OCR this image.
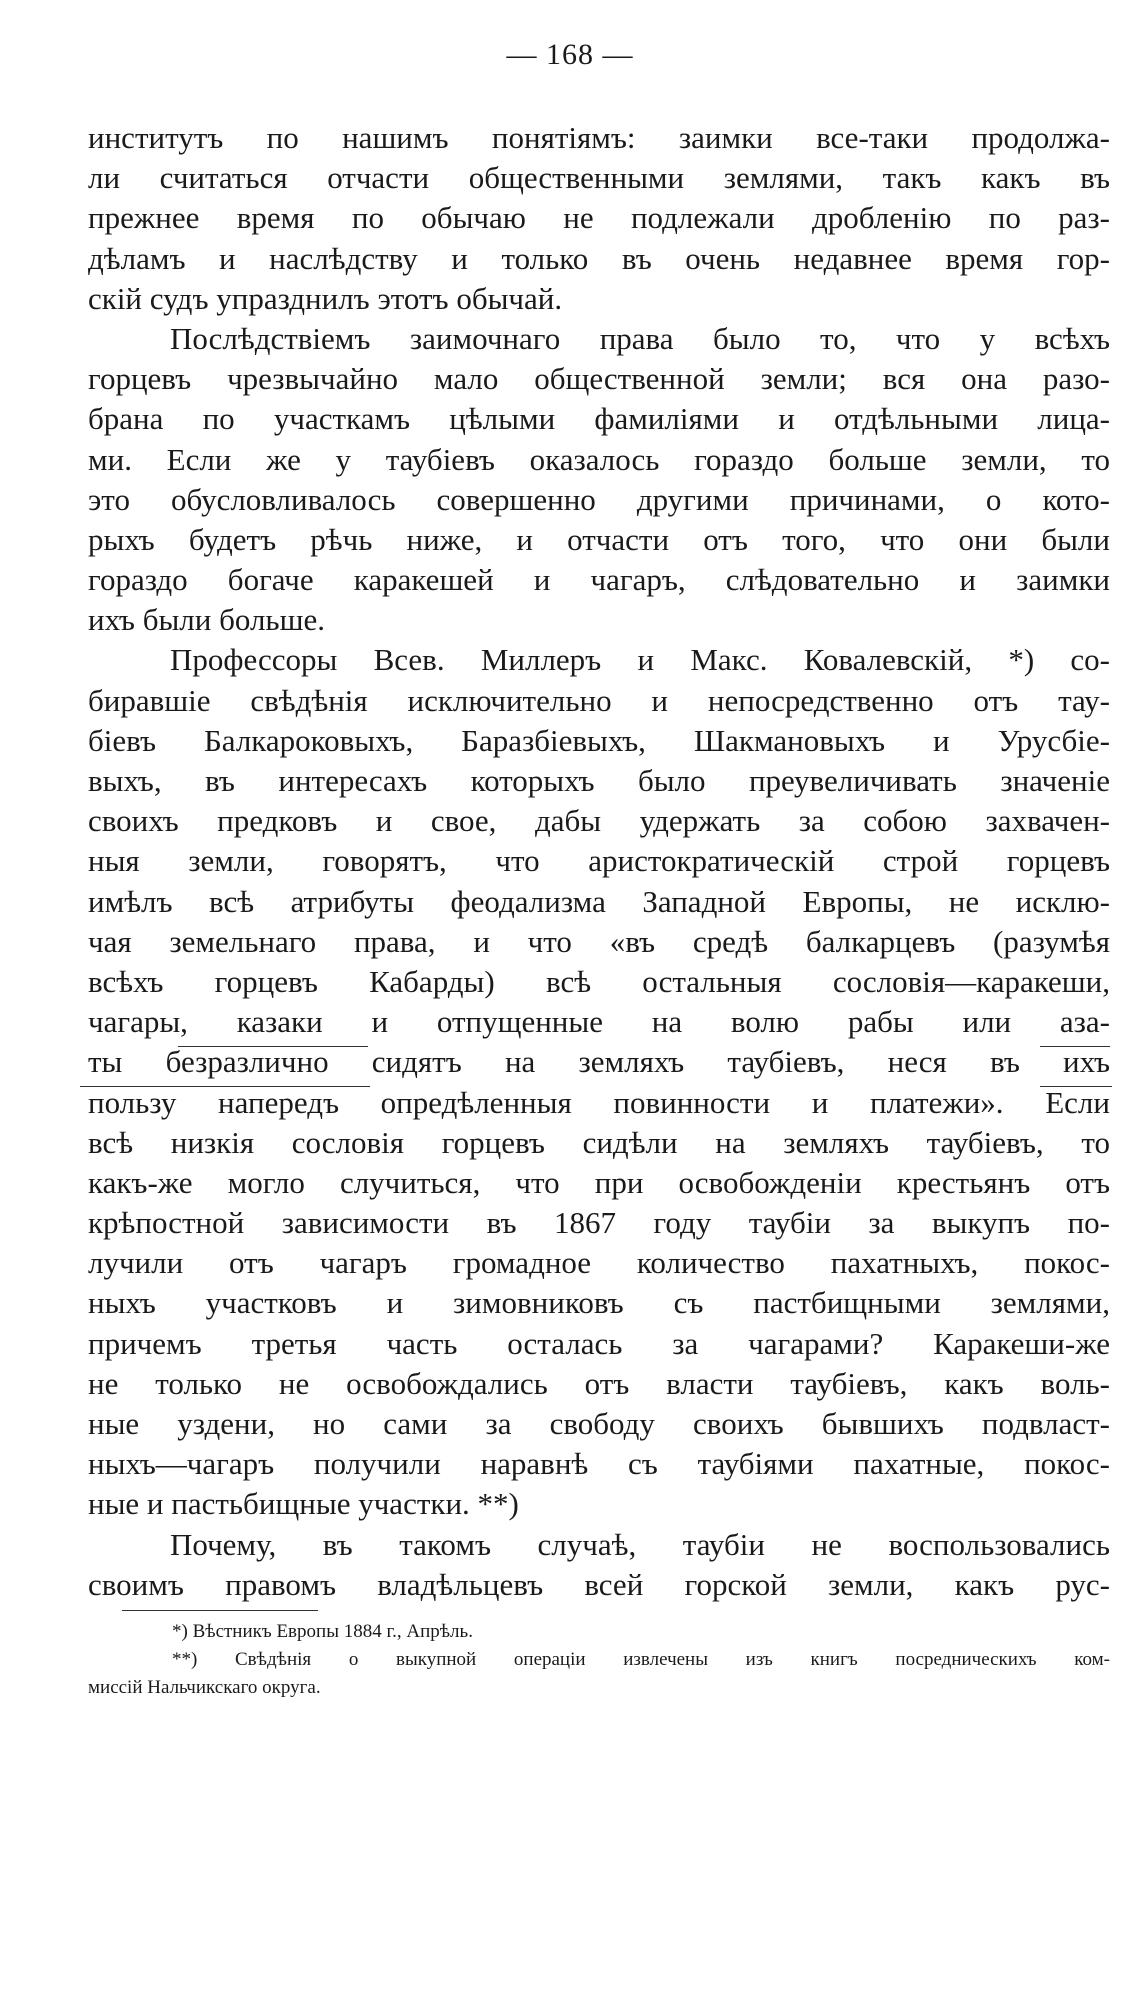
— 168 —
институтъ по нашимъ понятіямъ: заимки все-таки продолжа-
ли считаться отчасти общественными землями, такъ какъ въ
прежнее время по обычаю не подлежали дробленію по раз-
дѣламъ и наслѣдству и только въ очень недавнее время гор-
скій судъ упразднилъ этотъ обычай.
Послѣдствіемъ заимочнаго права было то, что у всѣхъ
горцевъ чрезвычайно мало общественной земли; вся она разо-
брана по участкамъ цѣлыми фамиліями и отдѣльными лица-
ми. Если же у таубіевъ оказалось гораздо больше земли, то
это обусловливалось совершенно другими причинами, о кото-
рыхъ будетъ рѣчь ниже, и отчасти отъ того, что они были
гораздо богаче каракешей и чагаръ, слѣдовательно и заимки
ихъ были больше.
Профессоры Всев. Миллеръ и Макс. Ковалевскій, *) со-
биравшіе свѣдѣнія исключительно и непосредственно отъ тау-
біевъ Балкароковыхъ, Баразбіевыхъ, Шакмановыхъ и Урусбіе-
выхъ, въ интересахъ которыхъ было преувеличивать значеніе
своихъ предковъ и свое, дабы удержать за собою захвачен-
ныя земли, говорятъ, что аристократическій строй горцевъ
имѣлъ всѣ атрибуты феодализма Западной Европы, не исклю-
чая земельнаго права, и что «въ средѣ балкарцевъ (разумѣя
всѣхъ горцевъ Кабарды) всѣ остальныя сословія—каракеши,
чагары, казаки и отпущенные на волю рабы или аза-
ты безразлично сидятъ на земляхъ таубіевъ, неся въ ихъ
пользу напередъ опредѣленныя повинности и платежи». Если
всѣ низкія сословія горцевъ сидѣли на земляхъ таубіевъ, то
какъ-же могло случиться, что при освобожденіи крестьянъ отъ
крѣпостной зависимости въ 1867 году таубіи за выкупъ по-
лучили отъ чагаръ громадное количество пахатныхъ, покос-
ныхъ участковъ и зимовниковъ съ пастбищными землями,
причемъ третья часть осталась за чагарами? Каракеши-же
не только не освобождались отъ власти таубіевъ, какъ воль-
ные уздени, но сами за свободу своихъ бывшихъ подвласт-
ныхъ—чагаръ получили наравнѣ съ таубіями пахатные, покос-
ные и пастьбищные участки. **)
Почему, въ такомъ случаѣ, таубіи не воспользовались
своимъ правомъ владѣльцевъ всей горской земли, какъ рус-
*) Вѣстникъ Европы 1884 г., Апрѣль.
**) Свѣдѣнія о выкупной операціи извлечены изъ книгъ посредническихъ ком-
миссій Нальчикскаго округа.
